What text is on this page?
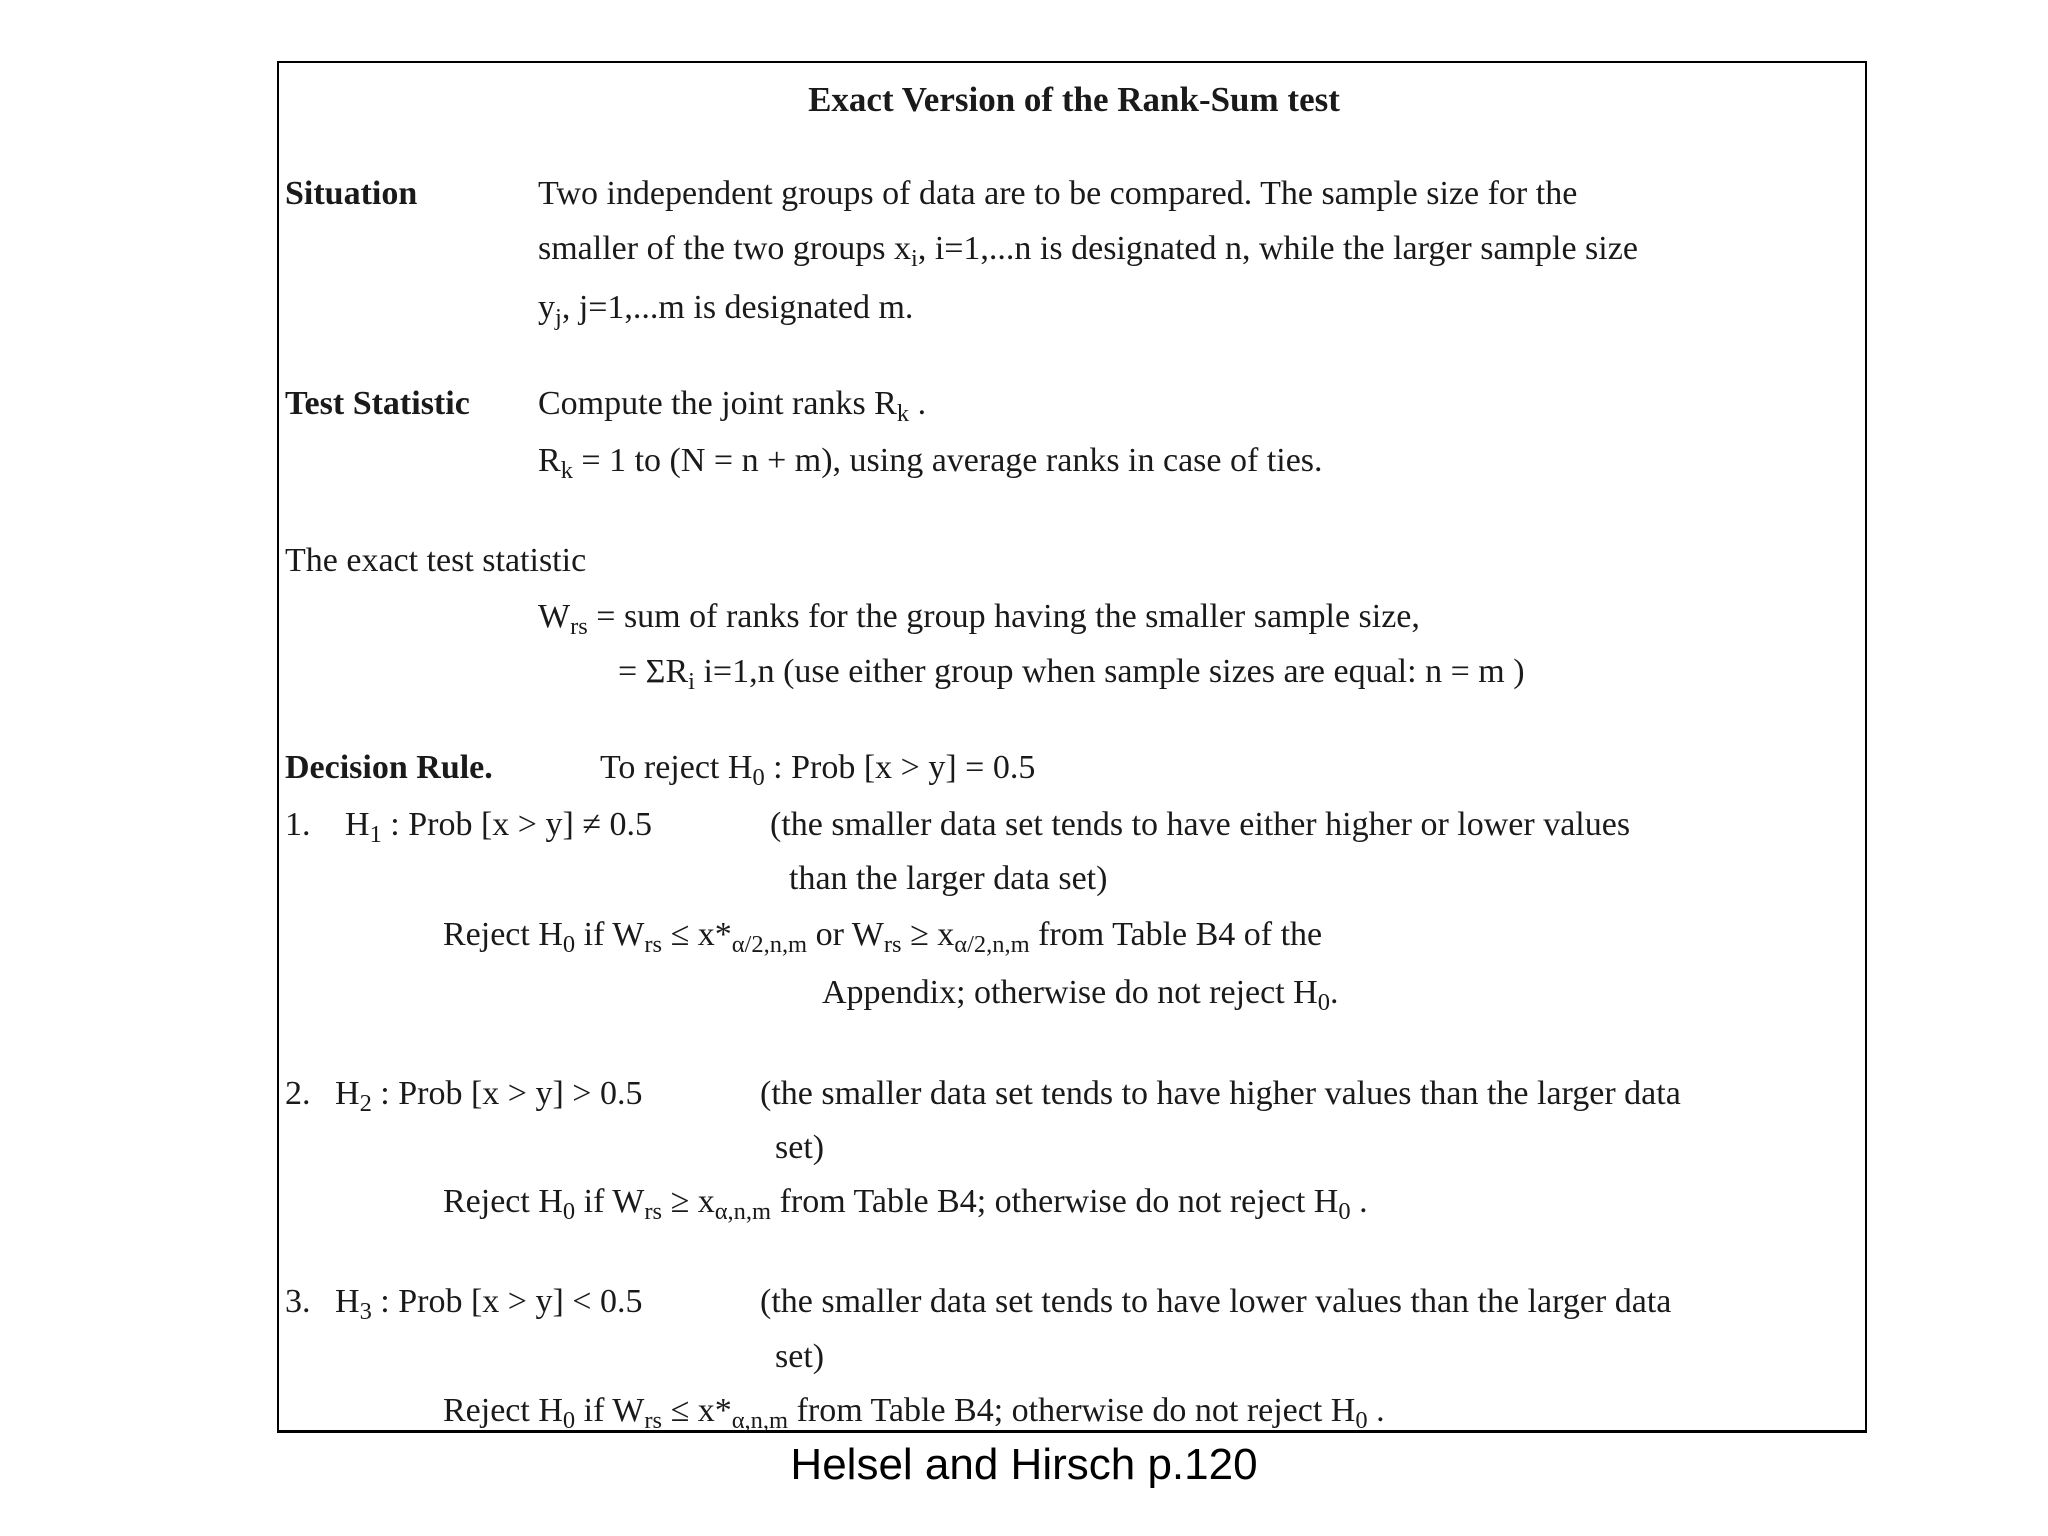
Exact Version of the Rank-Sum test
Situation	Two independent groups of data are to be compared. The sample size for the
smaller of the two groups $x_i$, i=1,...n is designated n, while the larger sample size
$y_j$, j=1,...m is designated m.
Test Statistic Compute the joint ranks $R_k$ .
$R_k = 1$ to (N = n + m), using average ranks in case of ties.
The exact test statistic
$W_{rs}$ = sum of ranks for the group having the smaller sample size,
= $\Sigma R_i$ i=1,n (use either group when sample sizes are equal: n = m )
Decision Rule.	To reject $H_0$ : Prob [x > y] = 0.5
1. $H_1$ : Prob [x > y] ≠ 0.5	(the smaller data set tends to have either higher or lower values
than the larger data set)
Reject $H_0$ if $W_{rs} \le x*_{\alpha/2,n,m}$ or $W_{rs} \ge x_{\alpha/2,n,m}$ from Table B4 of the
Appendix; otherwise do not reject $H_0$.
2. $H_2$ : Prob [x > y] > 0.5	(the smaller data set tends to have higher values than the larger data
set)
Reject $H_0$ if $W_{rs} \ge x_{\alpha,n,m}$ from Table B4; otherwise do not reject $H_0$ .
3. $H_3$ : Prob [x > y] < 0.5	(the smaller data set tends to have lower values than the larger data
set)
Reject $H_0$ if $W_{rs} \le x*_{\alpha,n,m}$ from Table B4; otherwise do not reject $H_0$ .
Helsel and Hirsch p.120
